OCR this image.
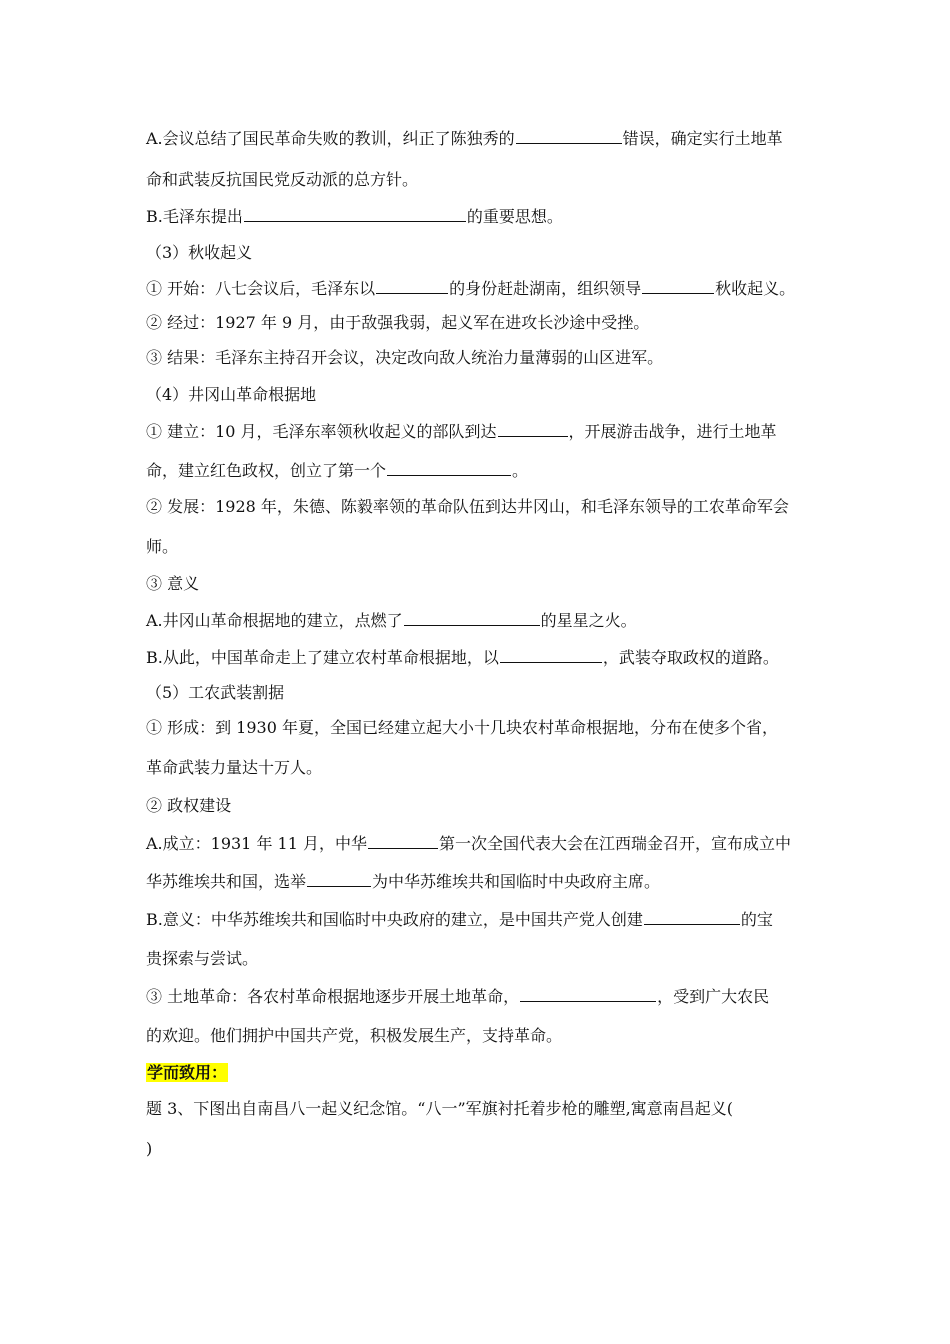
A.会议总结了国民革命失败的教训，纠正了陈独秀的	错误，确定实行土地革
命和武装反抗国民党反动派的总方针。
B.毛泽东提出	的重要思想。
（3）秋收起义
① 开始：八七会议后，毛泽东以	的身份赶赴湖南，组织领导	秋收起义。
② 经过：1927 年 9 月，由于敌强我弱，起义军在进攻长沙途中受挫。
③ 结果：毛泽东主持召开会议，决定改向敌人统治力量薄弱的山区进军。
（4）井冈山革命根据地
① 建立：10 月，毛泽东率领秋收起义的部队到达	，开展游击战争，进行土地革
命，建立红色政权，创立了第一个	。
② 发展：1928 年，朱德、陈毅率领的革命队伍到达井冈山，和毛泽东领导的工农革命军会
师。
③ 意义
A.井冈山革命根据地的建立，点燃了	的星星之火。
B.从此，中国革命走上了建立农村革命根据地，以	，武装夺取政权的道路。
（5）工农武装割据
① 形成：到 1930 年夏，全国已经建立起大小十几块农村革命根据地，分布在使多个省，
革命武装力量达十万人。
② 政权建设
A.成立：1931 年 11 月，中华	第一次全国代表大会在江西瑞金召开，宣布成立中
华苏维埃共和国，选举	为中华苏维埃共和国临时中央政府主席。
B.意义：中华苏维埃共和国临时中央政府的建立，是中国共产党人创建	的宝
贵探索与尝试。
③ 土地革命：各农村革命根据地逐步开展土地革命，	，受到广大农民
的欢迎。他们拥护中国共产党，积极发展生产，支持革命。
学而致用：
题 3、下图出自南昌八一起义纪念馆。“八一”军旗衬托着步枪的雕塑,寓意南昌起义(
)
